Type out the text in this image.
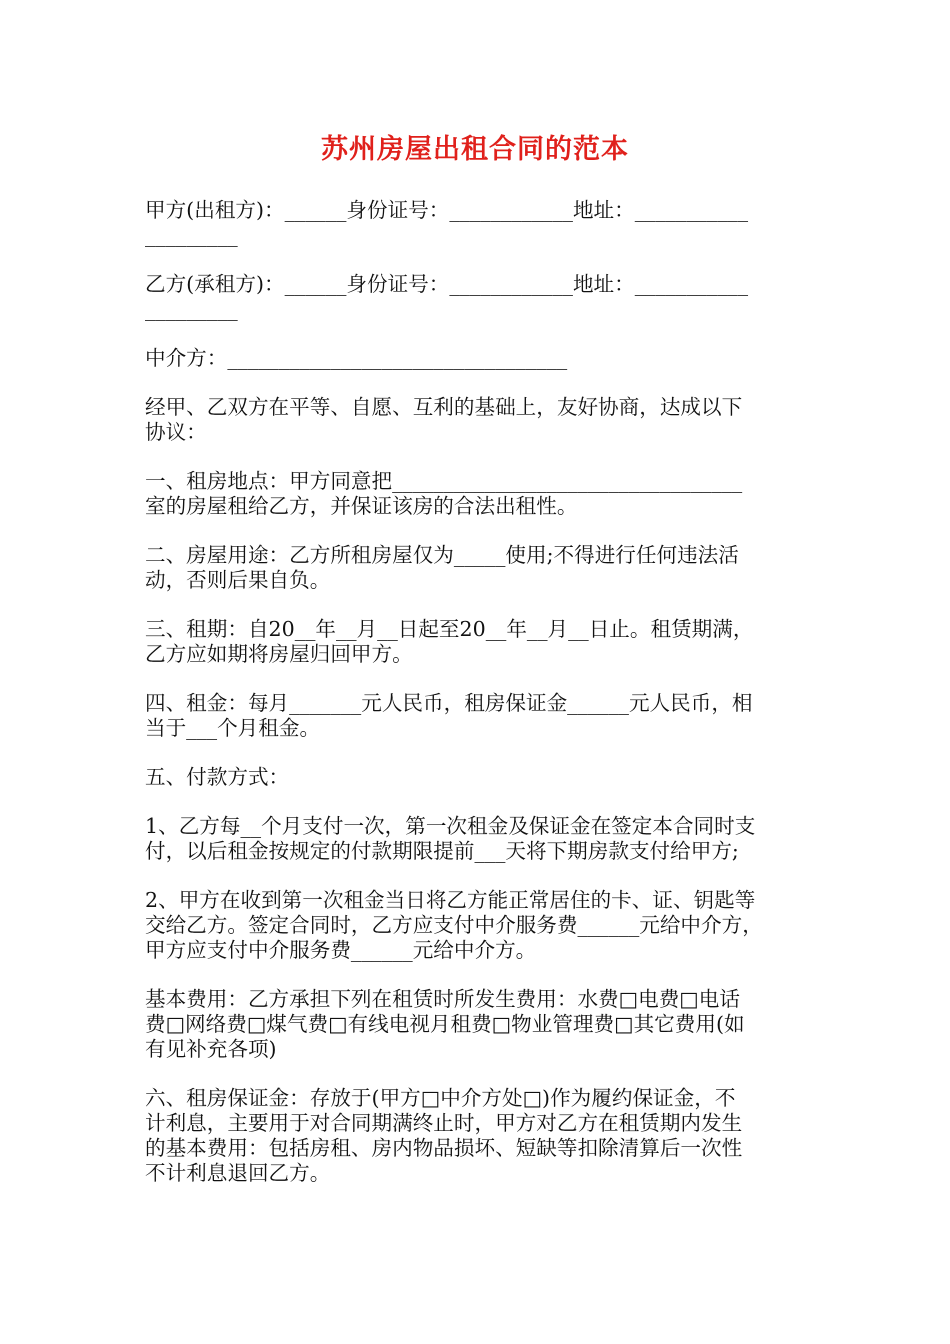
苏州房屋出租合同的范本

甲方(出租方)：______身份证号：____________地址：___________
_________

乙方(承租方)：______身份证号：____________地址：___________
_________

中介方：_________________________________

经甲、乙双方在平等、自愿、互利的基础上，友好协商，达成以下
协议：

一、租房地点：甲方同意把__________________________________
室的房屋租给乙方，并保证该房的合法出租性。

二、房屋用途：乙方所租房屋仅为_____使用;不得进行任何违法活
动，否则后果自负。

三、租期：自20__年__月__日起至20__年__月__日止。租赁期满，
乙方应如期将房屋归回甲方。

四、租金：每月_______元人民币，租房保证金______元人民币，相
当于___个月租金。

五、付款方式：

1、乙方每__个月支付一次，第一次租金及保证金在签定本合同时支
付，以后租金按规定的付款期限提前___天将下期房款支付给甲方;

2、甲方在收到第一次租金当日将乙方能正常居住的卡、证、钥匙等
交给乙方。签定合同时，乙方应支付中介服务费______元给中介方，
甲方应支付中介服务费______元给中介方。

基本费用：乙方承担下列在租赁时所发生费用：水费□电费□电话
费□网络费□煤气费□有线电视月租费□物业管理费□其它费用(如
有见补充各项)

六、租房保证金：存放于(甲方□中介方处□)作为履约保证金，不
计利息，主要用于对合同期满终止时，甲方对乙方在租赁期内发生
的基本费用：包括房租、房内物品损坏、短缺等扣除清算后一次性
不计利息退回乙方。
